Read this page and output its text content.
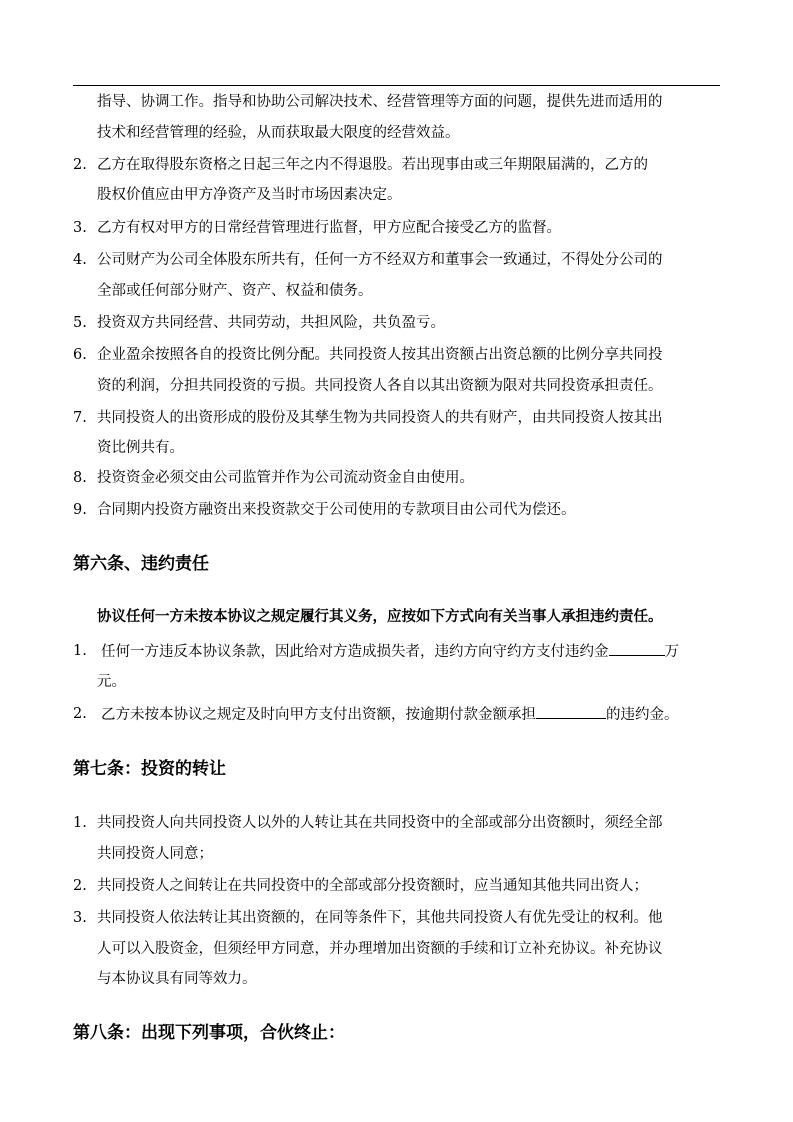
指导、协调工作。指导和协助公司解决技术、经营管理等方面的问题，提供先进而适用的
技术和经营管理的经验，从而获取最大限度的经营效益。
2. 乙方在取得股东资格之日起三年之内不得退股。若出现事由或三年期限届满的，乙方的
股权价值应由甲方净资产及当时市场因素决定。
3. 乙方有权对甲方的日常经营管理进行监督，甲方应配合接受乙方的监督。
4. 公司财产为公司全体股东所共有，任何一方不经双方和董事会一致通过，不得处分公司的
全部或任何部分财产、资产、权益和债务。
5. 投资双方共同经营、共同劳动，共担风险，共负盈亏。
6. 企业盈余按照各自的投资比例分配。共同投资人按其出资额占出资总额的比例分享共同投
资的利润，分担共同投资的亏损。共同投资人各自以其出资额为限对共同投资承担责任。
7. 共同投资人的出资形成的股份及其孳生物为共同投资人的共有财产，由共同投资人按其出
资比例共有。
8. 投资资金必须交由公司监管并作为公司流动资金自由使用。
9. 合同期内投资方融资出来投资款交于公司使用的专款项目由公司代为偿还。
第六条、违约责任
协议任何一方未按本协议之规定履行其义务，应按如下方式向有关当事人承担违约责任。
1. 任何一方违反本协议条款，因此给对方造成损失者，违约方向守约方支付违约金	万
元。
2. 乙方未按本协议之规定及时向甲方支付出资额，按逾期付款金额承担	的违约金。
第七条：投资的转让
1. 共同投资人向共同投资人以外的人转让其在共同投资中的全部或部分出资额时，须经全部
共同投资人同意；
2. 共同投资人之间转让在共同投资中的全部或部分投资额时，应当通知其他共同出资人；
3. 共同投资人依法转让其出资额的，在同等条件下，其他共同投资人有优先受让的权利。他
人可以入股资金，但须经甲方同意，并办理增加出资额的手续和订立补充协议。补充协议
与本协议具有同等效力。
第八条：出现下列事项，合伙终止：
